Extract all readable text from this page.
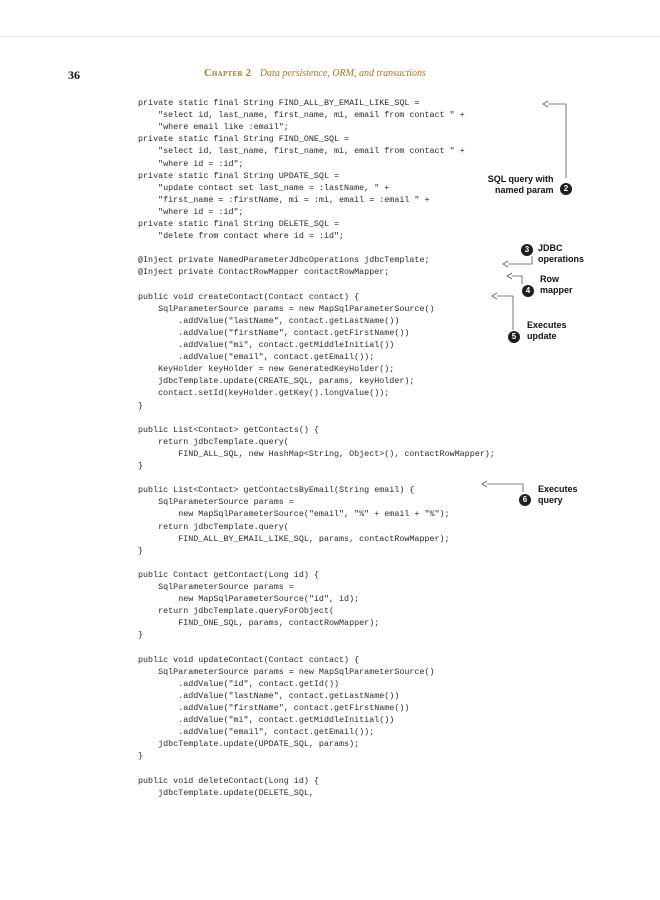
36	Chapter 2 Data persistence, ORM, and transactions
private static final String FIND_ALL_BY_EMAIL_LIKE_SQL =
"select id, last_name, first_name, mi, email from contact " +
"where email like :email";
private static final String FIND_ONE_SQL =
"select id, last_name, first_name, mi, email from contact " +
"where id = :id";
private static final String UPDATE_SQL =
"update contact set last_name = :lastName, " +
"first_name = :firstName, mi = :mi, email = :email " +
"where id = :id";
private static final String DELETE_SQL =
"delete from contact where id = :id";
@Inject private NamedParameterJdbcOperations jdbcTemplate;
@Inject private ContactRowMapper contactRowMapper;
public void createContact(Contact contact) {
SqlParameterSource params = new MapSqlParameterSource()
.addValue("lastName", contact.getLastName())
.addValue("firstName", contact.getFirstName())
.addValue("mi", contact.getMiddleInitial())
.addValue("email", contact.getEmail());
KeyHolder keyHolder = new GeneratedKeyHolder();
jdbcTemplate.update(CREATE_SQL, params, keyHolder);
contact.setId(keyHolder.getKey().longValue());
}
public List<Contact> getContacts() {
return jdbcTemplate.query(
FIND_ALL_SQL, new HashMap<String, Object>(), contactRowMapper);
}
public List<Contact> getContactsByEmail(String email) {
SqlParameterSource params =
new MapSqlParameterSource("email", "%" + email + "%");
return jdbcTemplate.query(
FIND_ALL_BY_EMAIL_LIKE_SQL, params, contactRowMapper);
}
public Contact getContact(Long id) {
SqlParameterSource params =
new MapSqlParameterSource("id", id);
return jdbcTemplate.queryForObject(
FIND_ONE_SQL, params, contactRowMapper);
}
public void updateContact(Contact contact) {
SqlParameterSource params = new MapSqlParameterSource()
.addValue("id", contact.getId())
.addValue("lastName", contact.getLastName())
.addValue("firstName", contact.getFirstName())
.addValue("mi", contact.getMiddleInitial())
.addValue("email", contact.getEmail());
jdbcTemplate.update(UPDATE_SQL, params);
}
public void deleteContact(Long id) {
jdbcTemplate.update(DELETE_SQL,
SQL query with
named param	2
3 JDBC
operations
Row
mapper
4
Executes
update
5
Executes
query
6
